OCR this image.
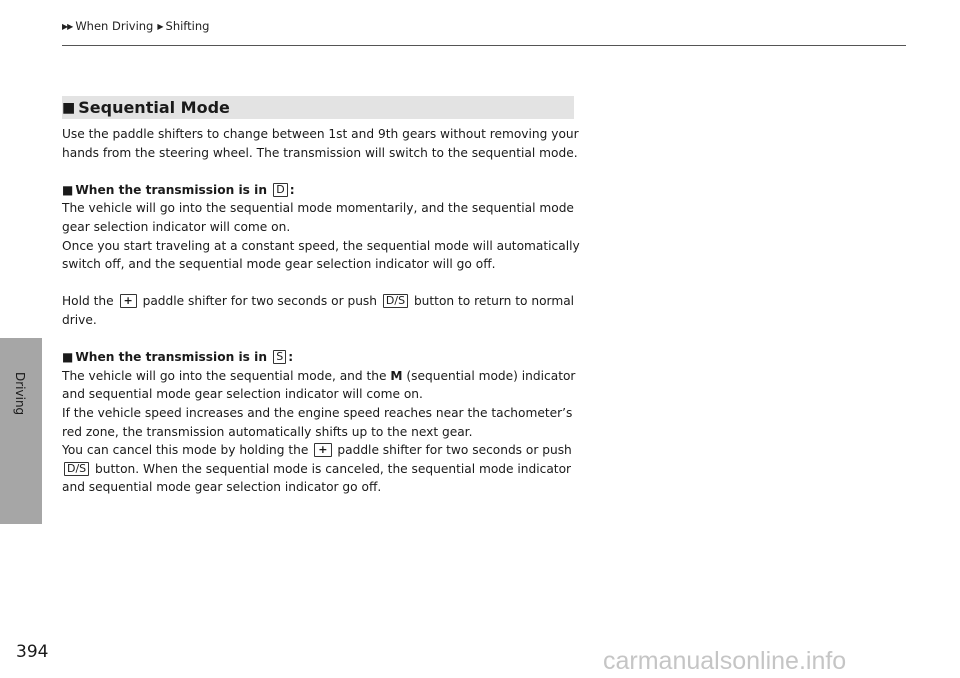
▶▶ When Driving ▶ Shifting
Driving
394	carmanualsonline.info
■ Sequential Mode

Use the paddle shifters to change between 1st and 9th gears without removing your

hands from the steering wheel. The transmission will switch to the sequential mode.

■ When the transmission is in D :

The vehicle will go into the sequential mode momentarily, and the sequential mode

gear selection indicator will come on.

Once you start traveling at a constant speed, the sequential mode will automatically

switch off, and the sequential mode gear selection indicator will go off.

Hold the + paddle shifter for two seconds or push D/S button to return to normal

drive.

■ When the transmission is in S :

The vehicle will go into the sequential mode, and the M (sequential mode) indicator

and sequential mode gear selection indicator will come on.

If the vehicle speed increases and the engine speed reaches near the tachometer’s

red zone, the transmission automatically shifts up to the next gear.

You can cancel this mode by holding the + paddle shifter for two seconds or push

D/S button. When the sequential mode is canceled, the sequential mode indicator

and sequential mode gear selection indicator go off.
